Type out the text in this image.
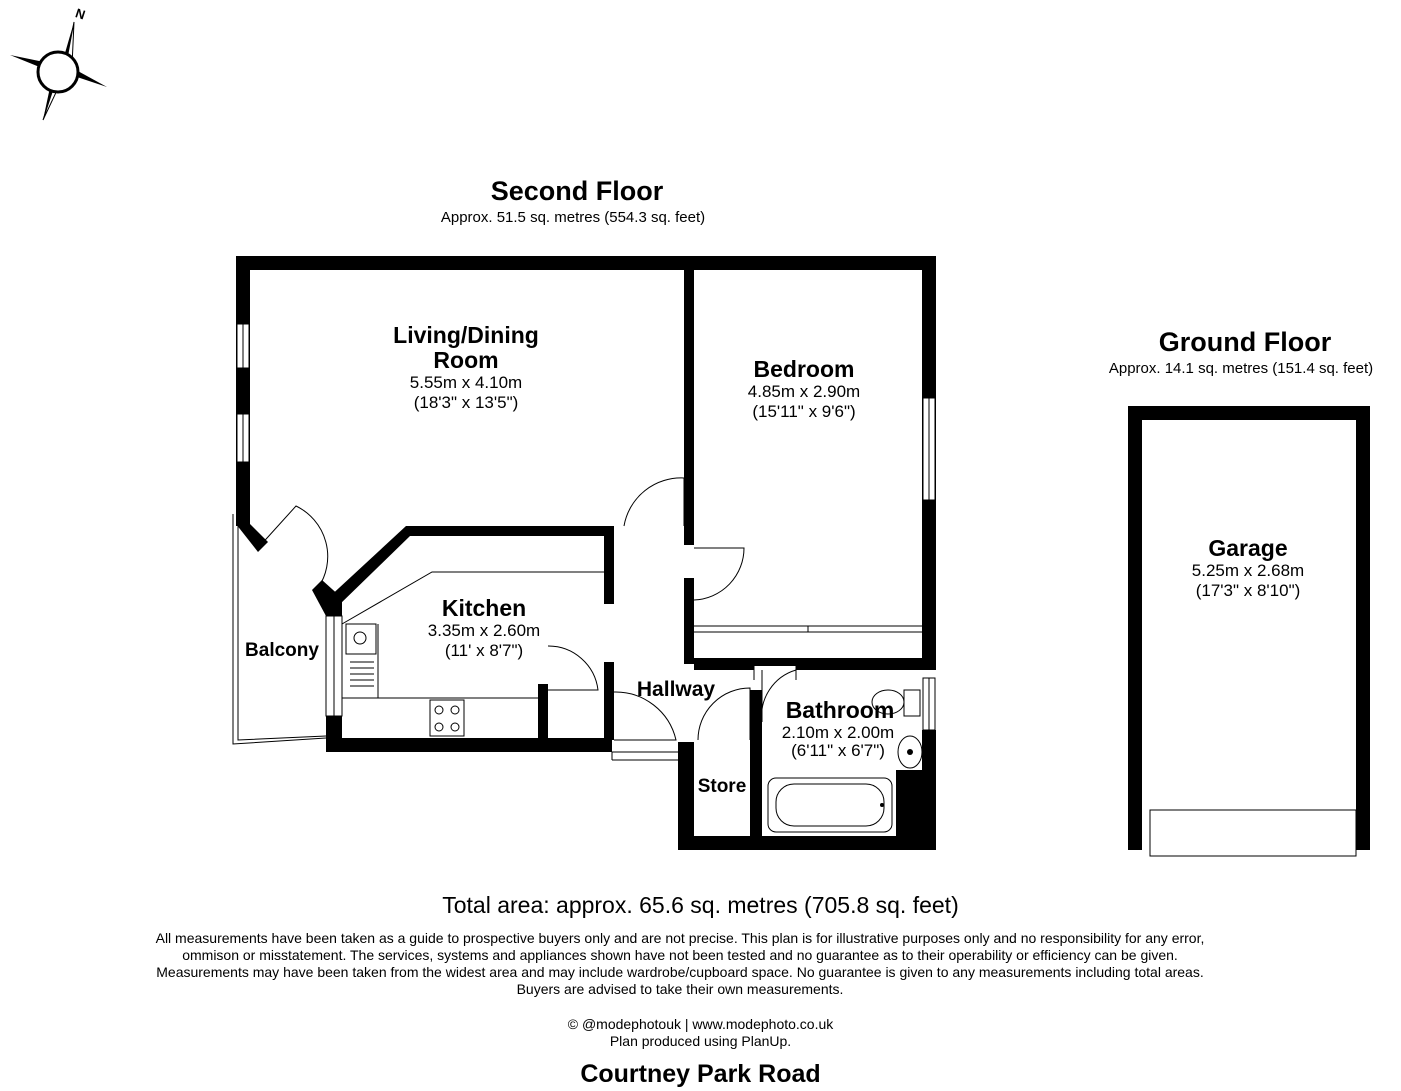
N
Second Floor
Approx. 51.5 sq. metres (554.3 sq. feet)
Ground Floor
Approx. 14.1 sq. metres (151.4 sq. feet)
Living/Dining
Room
5.55m x 4.10m
(18'3" x 13'5")
Bedroom
4.85m x 2.90m
(15'11" x 9'6")
Kitchen
3.35m x 2.60m
(11' x 8'7")
Bathroom
2.10m x 2.00m
(6'11" x 6'7")
Hallway
Store
Balcony
Garage
5.25m x 2.68m
(17'3" x 8'10")
Total area: approx. 65.6 sq. metres (705.8 sq. feet)
All measurements have been taken as a guide to prospective buyers only and are not precise. This plan is for illustrative purposes only and no responsibility for any error, ommison or misstatement. The services, systems and appliances shown have not been tested and no guarantee as to their operability or efficiency can be given. Measurements may have been taken from the widest area and may include wardrobe/cupboard space. No guarantee is given to any measurements including total areas. Buyers are advised to take their own measurements.
© @modephotouk | www.modephoto.co.uk
Plan produced using PlanUp.
Courtney Park Road
